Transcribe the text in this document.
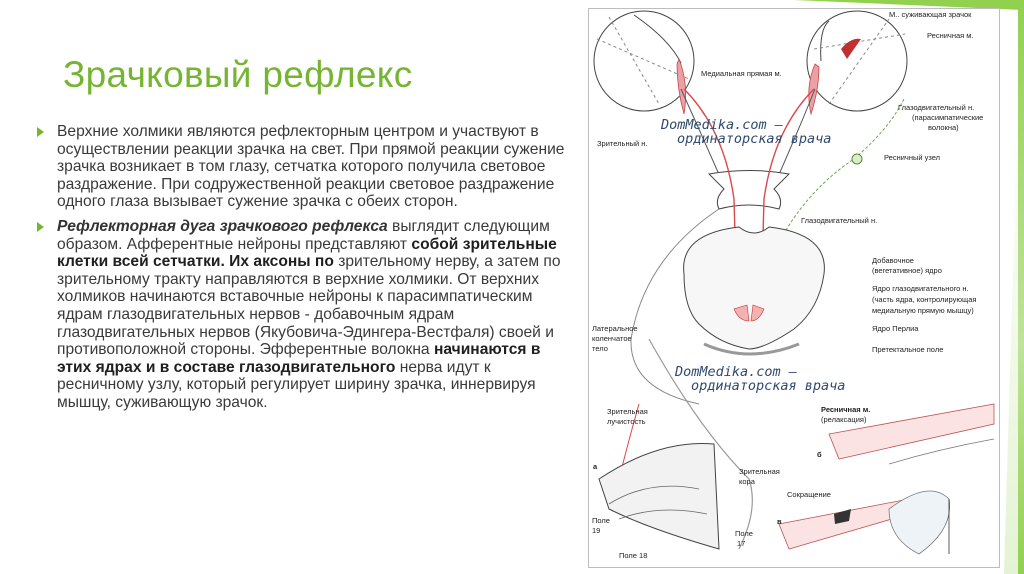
Зрачковый рефлекс
Верхние холмики являются рефлекторным центром и участвуют в осуществлении реакции зрачка на свет. При прямой реакции сужение зрачка возникает в том глазу, сетчатка которого получила световое раздражение. При содружественной реакции световое раздражение одного глаза вызывает сужение зрачка с обеих сторон.
Рефлекторная дуга зрачкового рефлекса выглядит следующим образом. Афферентные нейроны представляют собой зрительные клетки всей сетчатки. Их аксоны по зрительному нерву, а затем по зрительному тракту направляются в верхние холмики. От верхних холмиков начинаются вставочные нейроны к парасимпатическим ядрам глазодвигательных нервов - добавочным ядрам глазодвигательных нервов (Якубовича-Эдингера-Вестфаля) своей и противоположной стороны. Эфферентные волокна начинаются в этих ядрах и в составе глазодвигательного нерва идут к ресничному узлу, который регулирует ширину зрачка, иннервируя мышцу, суживающую зрачок.
DomMedika.com —
ординаторская врача
DomMedika.com —
ординаторская врача
М.. суживающая зрачок
Ресничная м.
Медиальная прямая м.
Глазодвигательный н.
(парасимпатические
волокна)
Зрительный н.
Ресничный узел
Глазодвигательный н.
Добавочное
(вегетативное) ядро
Ядро глазодвигательного н.
(часть ядра, контролирующая
медиальную прямую мышцу)
Ядро Перлиа
Претектальное поле
Латеральное
коленчатое
тело
Зрительная
лучистость
Зрительная
кора
Ресничная м.
(релаксация)
Сокращение
Поле
19
Поле 18
Поле
17
а
б
в
